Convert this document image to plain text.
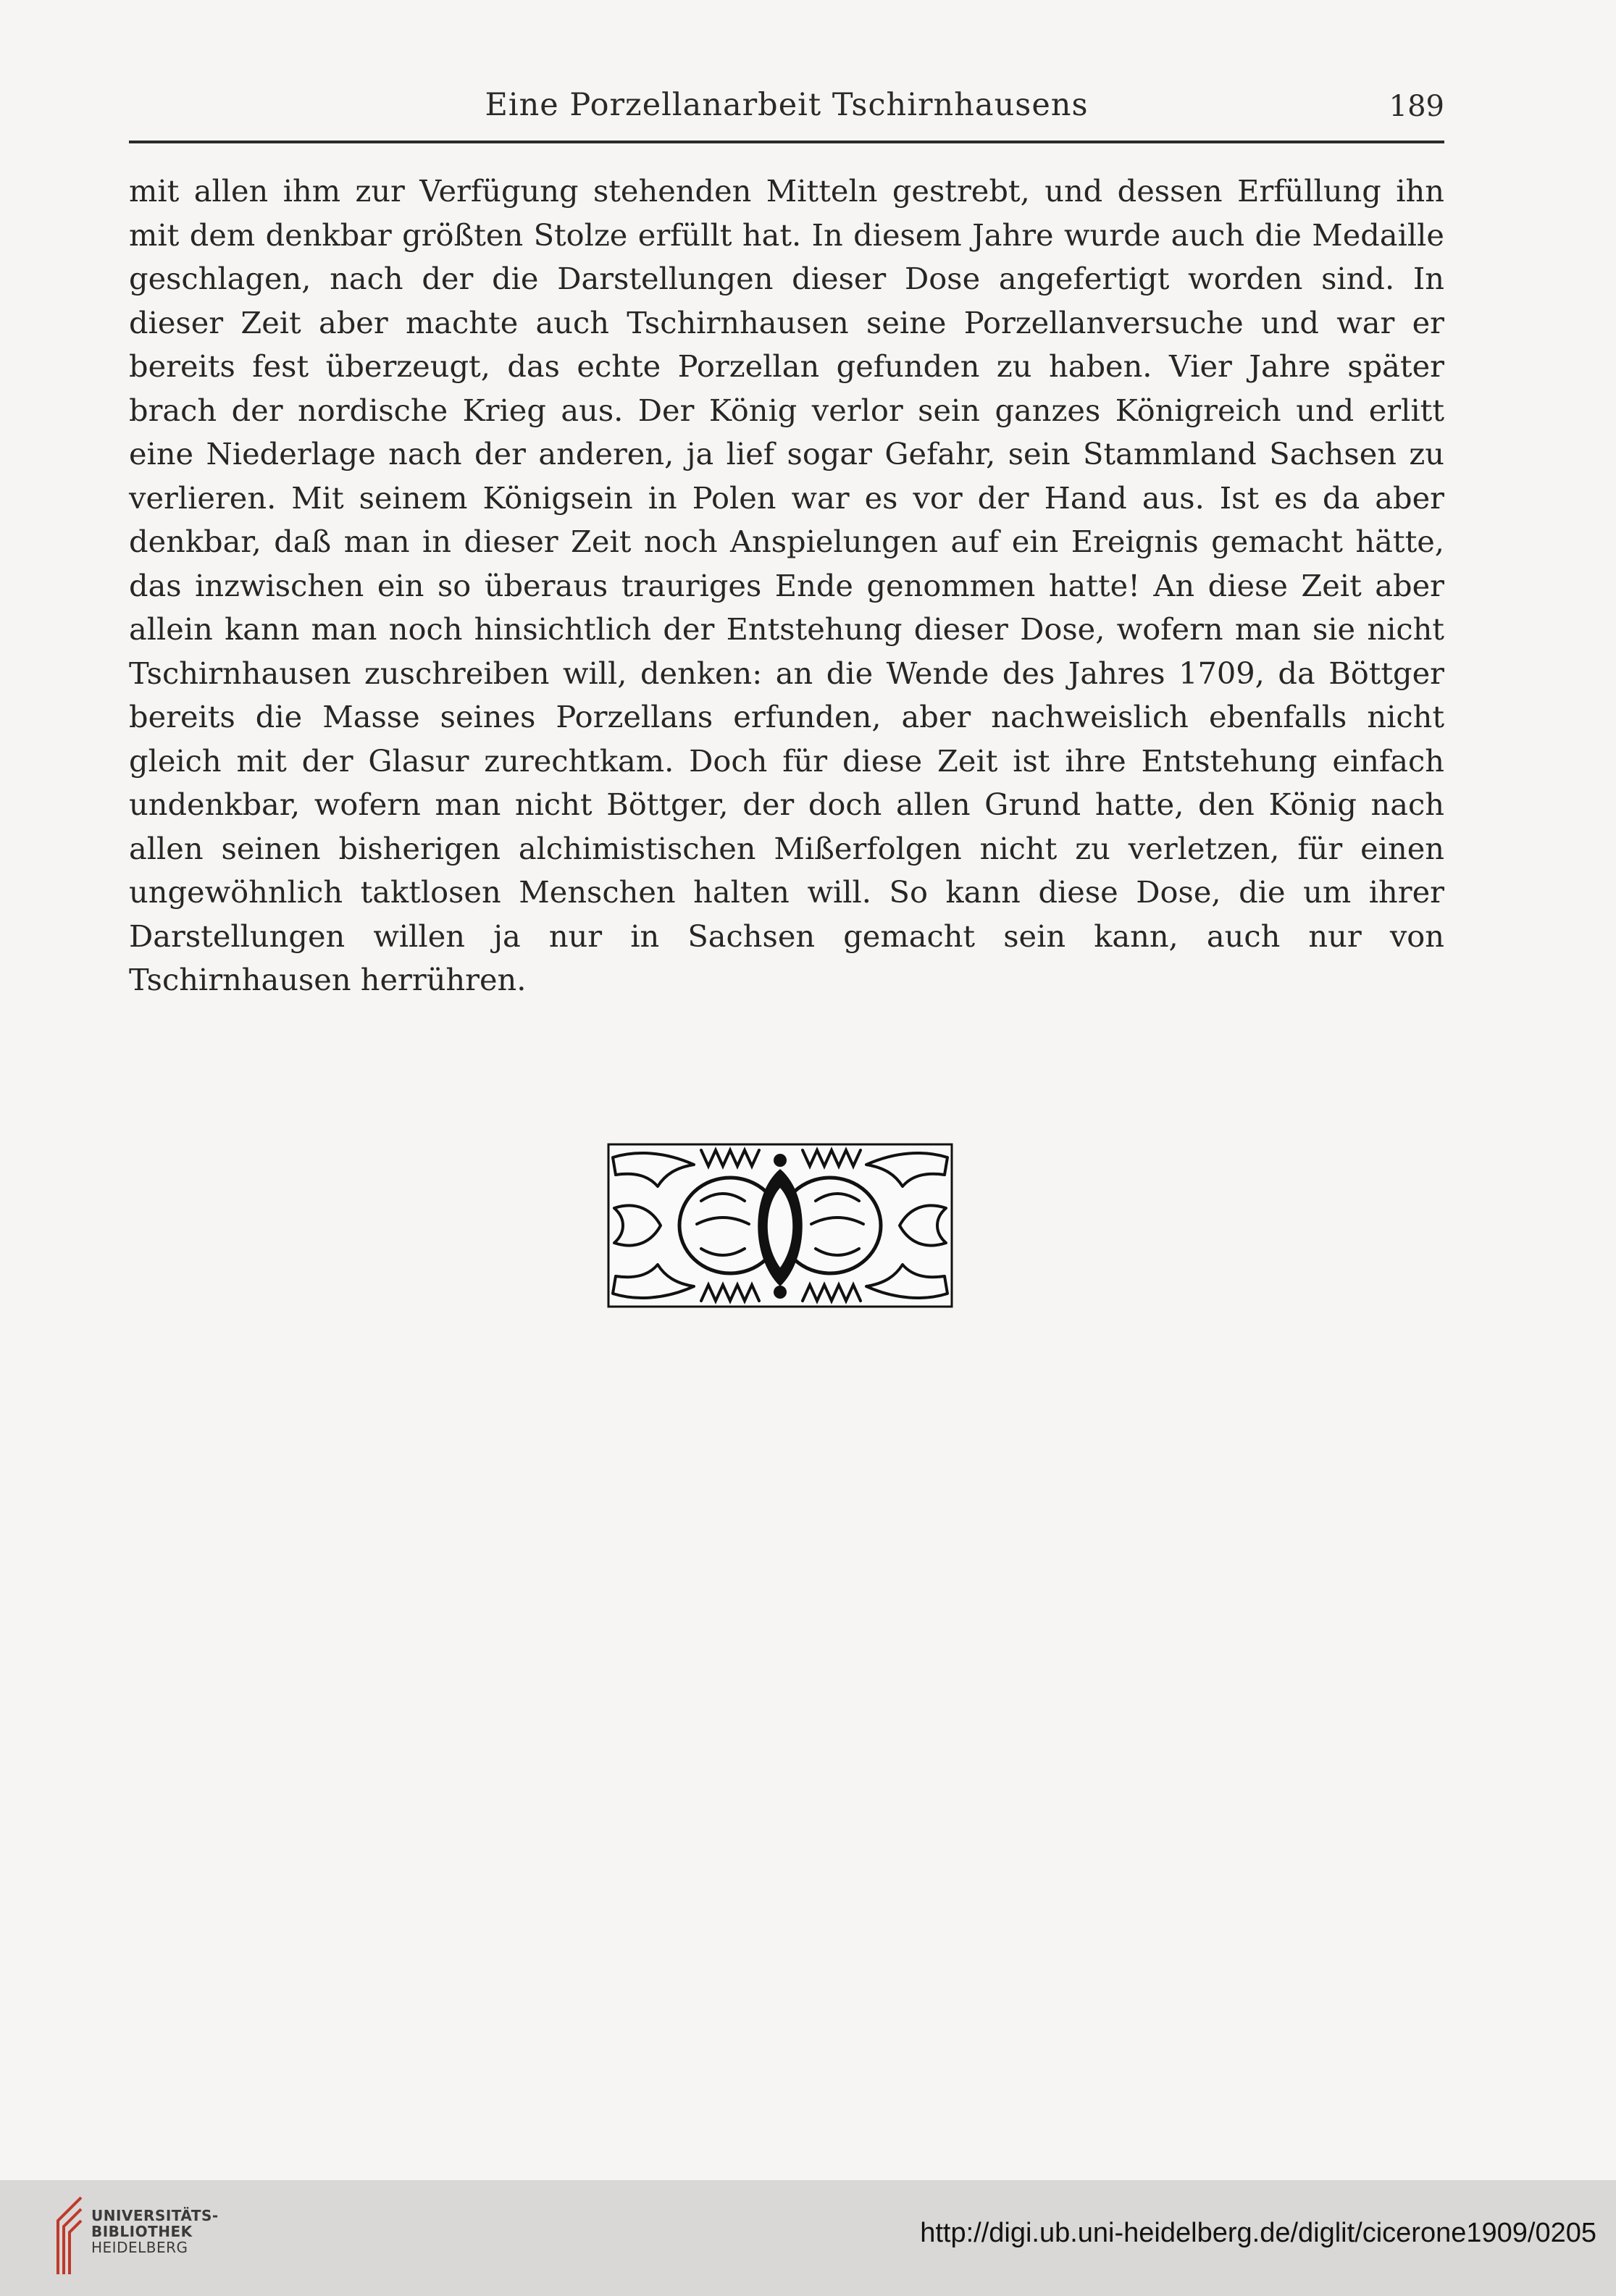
Eine Porzellanarbeit Tschirnhausens	189

mit allen ihm zur Verfügung stehenden Mitteln gestrebt, und dessen Erfüllung ihn mit dem denkbar größten Stolze erfüllt hat. In diesem Jahre wurde auch die Medaille geschlagen, nach der die Darstellungen dieser Dose angefertigt worden sind. In dieser Zeit aber machte auch Tschirnhausen seine Porzellanversuche und war er bereits fest überzeugt, das echte Porzellan gefunden zu haben. Vier Jahre später brach der nordische Krieg aus. Der König verlor sein ganzes Königreich und erlitt eine Niederlage nach der anderen, ja lief sogar Gefahr, sein Stammland Sachsen zu verlieren. Mit seinem Königsein in Polen war es vor der Hand aus. Ist es da aber denkbar, daß man in dieser Zeit noch Anspielungen auf ein Ereignis gemacht hätte, das inzwischen ein so überaus trauriges Ende genommen hatte! An diese Zeit aber allein kann man noch hinsichtlich der Entstehung dieser Dose, wofern man sie nicht Tschirnhausen zuschreiben will, denken: an die Wende des Jahres 1709, da Böttger bereits die Masse seines Porzellans erfunden, aber nachweislich ebenfalls nicht gleich mit der Glasur zurechtkam. Doch für diese Zeit ist ihre Entstehung einfach undenkbar, wofern man nicht Böttger, der doch allen Grund hatte, den König nach allen seinen bisherigen alchimistischen Mißerfolgen nicht zu verletzen, für einen ungewöhnlich taktlosen Menschen halten will. So kann diese Dose, die um ihrer Darstellungen willen ja nur in Sachsen gemacht sein kann, auch nur von Tschirnhausen herrühren.

UNIVERSITÄTS-
BIBLIOTHEK
HEIDELBERG	http://digi.ub.uni-heidelberg.de/diglit/cicerone1909/0205
